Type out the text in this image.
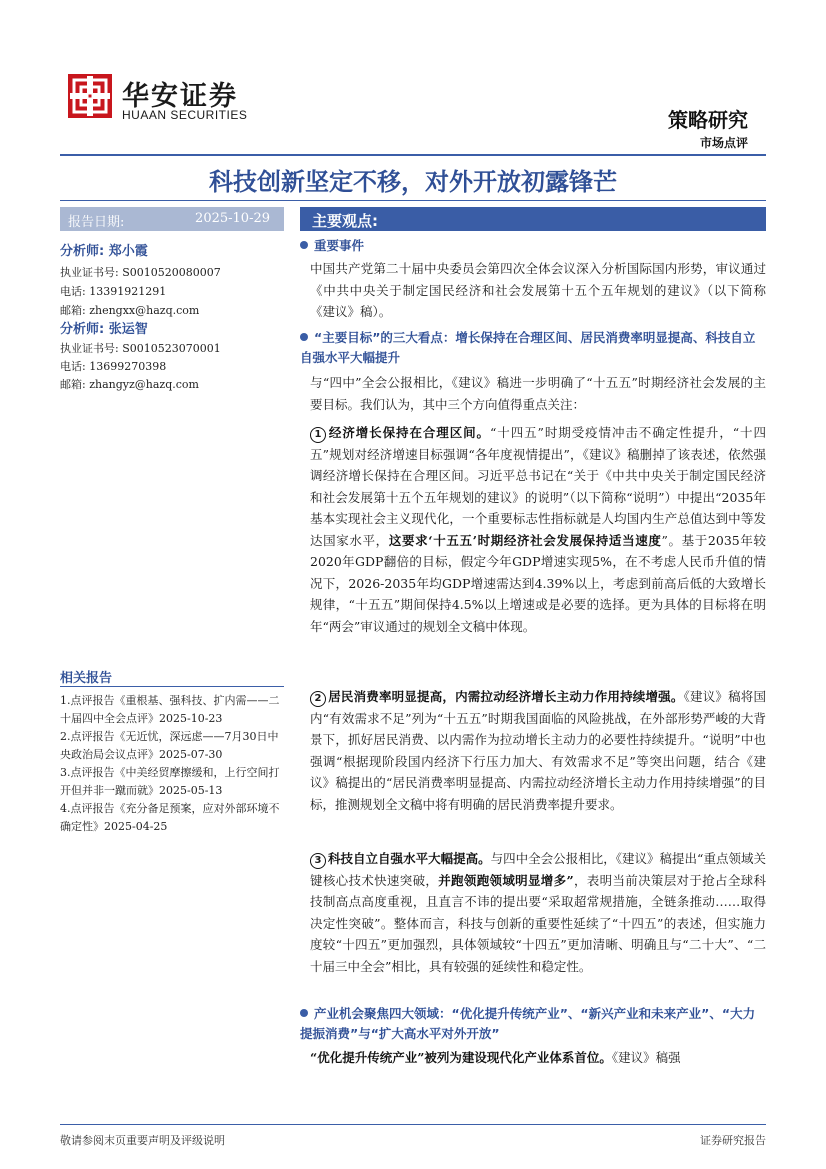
华安证券
HUAAN SECURITIES	策略研究
市场点评
科技创新坚定不移，对外开放初露锋芒
报告日期:	2025-10-29
分析师: 郑小霞
执业证书号: S0010520080007
电话: 13391921291
邮箱: zhengxx@hazq.com
分析师: 张运智
执业证书号: S0010523070001
电话: 13699270398
邮箱: zhangyz@hazq.com
相关报告
1.点评报告《重根基、强科技、扩内需——二十届四中全会点评》2025-10-23
2.点评报告《无近忧，深远虑——7月30日中央政治局会议点评》2025-07-30
3.点评报告《中美经贸摩擦缓和，上行空间打开但并非一蹴而就》2025-05-13
4.点评报告《充分备足预案，应对外部环境不确定性》2025-04-25
主要观点:
重要事件
中国共产党第二十届中央委员会第四次全体会议深入分析国际国内形势，审议通过《中共中央关于制定国民经济和社会发展第十五个五年规划的建议》（以下简称《建议》稿）。
“主要目标”的三大看点：增长保持在合理区间、居民消费率明显提高、科技自立自强水平大幅提升
与“四中”全会公报相比，《建议》稿进一步明确了“十五五”时期经济社会发展的主要目标。我们认为，其中三个方向值得重点关注：
1 经济增长保持在合理区间。“十四五”时期受疫情冲击不确定性提升，“十四五”规划对经济增速目标强调“各年度视情提出”，《建议》稿删掉了该表述，依然强调经济增长保持在合理区间。习近平总书记在“关于《中共中央关于制定国民经济和社会发展第十五个五年规划的建议》的说明”（以下简称“说明”）中提出“2035年基本实现社会主义现代化，一个重要标志性指标就是人均国内生产总值达到中等发达国家水平，这要求‘十五五’时期经济社会发展保持适当速度”。基于2035年较2020年GDP翻倍的目标，假定今年GDP增速实现5%，在不考虑人民币升值的情况下，2026-2035年均GDP增速需达到4.39%以上，考虑到前高后低的大致增长规律，“十五五”期间保持4.5%以上增速或是必要的选择。更为具体的目标将在明年“两会”审议通过的规划全文稿中体现。
2 居民消费率明显提高，内需拉动经济增长主动力作用持续增强。《建议》稿将国内“有效需求不足”列为“十五五”时期我国面临的风险挑战，在外部形势严峻的大背景下，抓好居民消费、以内需作为拉动增长主动力的必要性持续提升。“说明”中也强调“根据现阶段国内经济下行压力加大、有效需求不足”等突出问题，结合《建议》稿提出的“居民消费率明显提高、内需拉动经济增长主动力作用持续增强”的目标，推测规划全文稿中将有明确的居民消费率提升要求。
3 科技自立自强水平大幅提高。与四中全会公报相比，《建议》稿提出“重点领域关键核心技术快速突破，并跑领跑领域明显增多”，表明当前决策层对于抢占全球科技制高点高度重视，且直言不讳的提出要“采取超常规措施，全链条推动……取得决定性突破”。整体而言，科技与创新的重要性延续了“十四五”的表述，但实施力度较“十四五”更加强烈，具体领域较“十四五”更加清晰、明确且与“二十大”、“二十届三中全会”相比，具有较强的延续性和稳定性。
产业机会聚焦四大领域：“优化提升传统产业”、“新兴产业和未来产业”、“大力提振消费”与“扩大高水平对外开放”
“优化提升传统产业”被列为建设现代化产业体系首位。《建议》稿强
敬请参阅末页重要声明及评级说明	证券研究报告
